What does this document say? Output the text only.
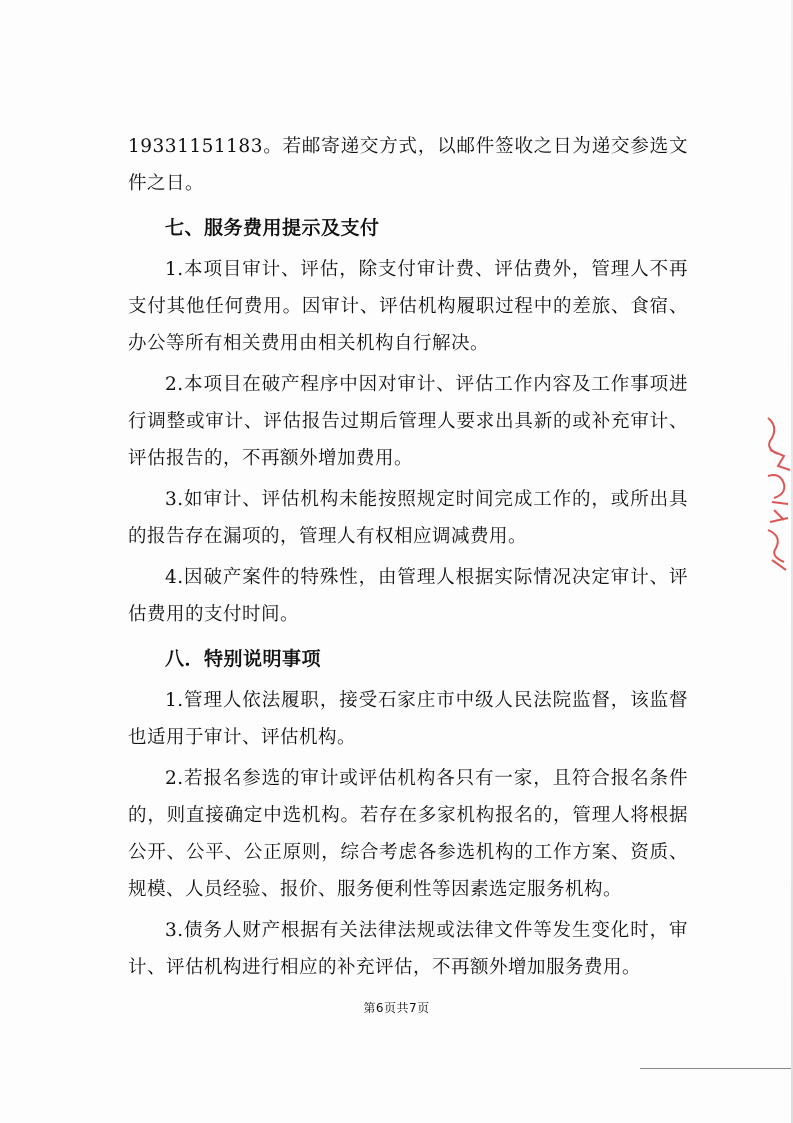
19331151183。若邮寄递交方式，以邮件签收之日为递交参选文件之日。

七、服务费用提示及支付

1.本项目审计、评估，除支付审计费、评估费外，管理人不再支付其他任何费用。因审计、评估机构履职过程中的差旅、食宿、办公等所有相关费用由相关机构自行解决。

2.本项目在破产程序中因对审计、评估工作内容及工作事项进行调整或审计、评估报告过期后管理人要求出具新的或补充审计、评估报告的，不再额外增加费用。

3.如审计、评估机构未能按照规定时间完成工作的，或所出具的报告存在漏项的，管理人有权相应调减费用。

4.因破产案件的特殊性，由管理人根据实际情况决定审计、评估费用的支付时间。

八．特别说明事项

1.管理人依法履职，接受石家庄市中级人民法院监督，该监督也适用于审计、评估机构。

2.若报名参选的审计或评估机构各只有一家，且符合报名条件的，则直接确定中选机构。若存在多家机构报名的，管理人将根据公开、公平、公正原则，综合考虑各参选机构的工作方案、资质、规模、人员经验、报价、服务便利性等因素选定服务机构。

3.债务人财产根据有关法律法规或法律文件等发生变化时，审计、评估机构进行相应的补充评估，不再额外增加服务费用。

第6页共7页
